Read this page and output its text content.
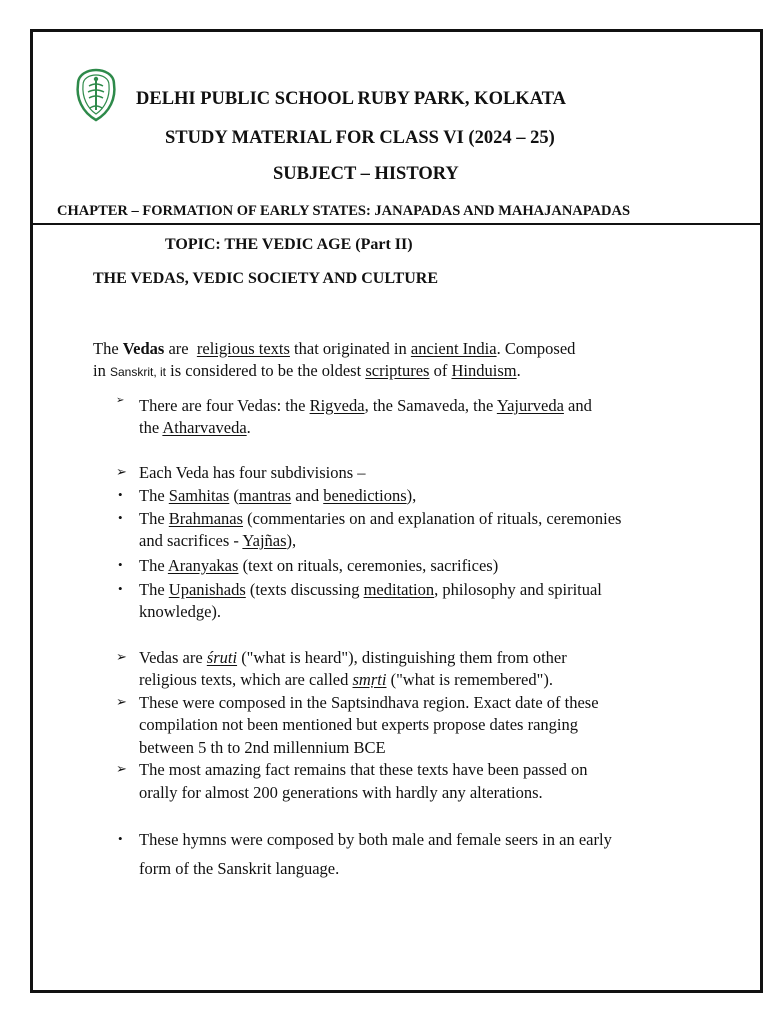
DELHI PUBLIC SCHOOL RUBY PARK, KOLKATA
STUDY MATERIAL FOR CLASS VI (2024 – 25)
SUBJECT – HISTORY
CHAPTER – FORMATION OF EARLY STATES: JANAPADAS AND MAHAJANAPADAS
TOPIC: THE VEDIC AGE (Part II)
THE VEDAS, VEDIC SOCIETY AND CULTURE
The Vedas are  religious texts that originated in ancient India. Composed
in Sanskrit, it is considered to be the oldest scriptures of Hinduism.
➢ There are four Vedas: the Rigveda, the Samaveda, the Yajurveda and
the Atharvaveda.
➢ Each Veda has four subdivisions –
• The Samhitas (mantras and benedictions),
• The Brahmanas (commentaries on and explanation of rituals, ceremonies
and sacrifices - Yajñas),
• The Aranyakas (text on rituals, ceremonies, sacrifices)
• The Upanishads (texts discussing meditation, philosophy and spiritual
knowledge).
➢ Vedas are śruti ("what is heard"), distinguishing them from other
religious texts, which are called smṛti ("what is remembered").
➢ These were composed in the Saptsindhava region. Exact date of these
compilation not been mentioned but experts propose dates ranging
between 5 th to 2nd millennium BCE
➢ The most amazing fact remains that these texts have been passed on
orally for almost 200 generations with hardly any alterations.
• These hymns were composed by both male and female seers in an early
form of the Sanskrit language.
